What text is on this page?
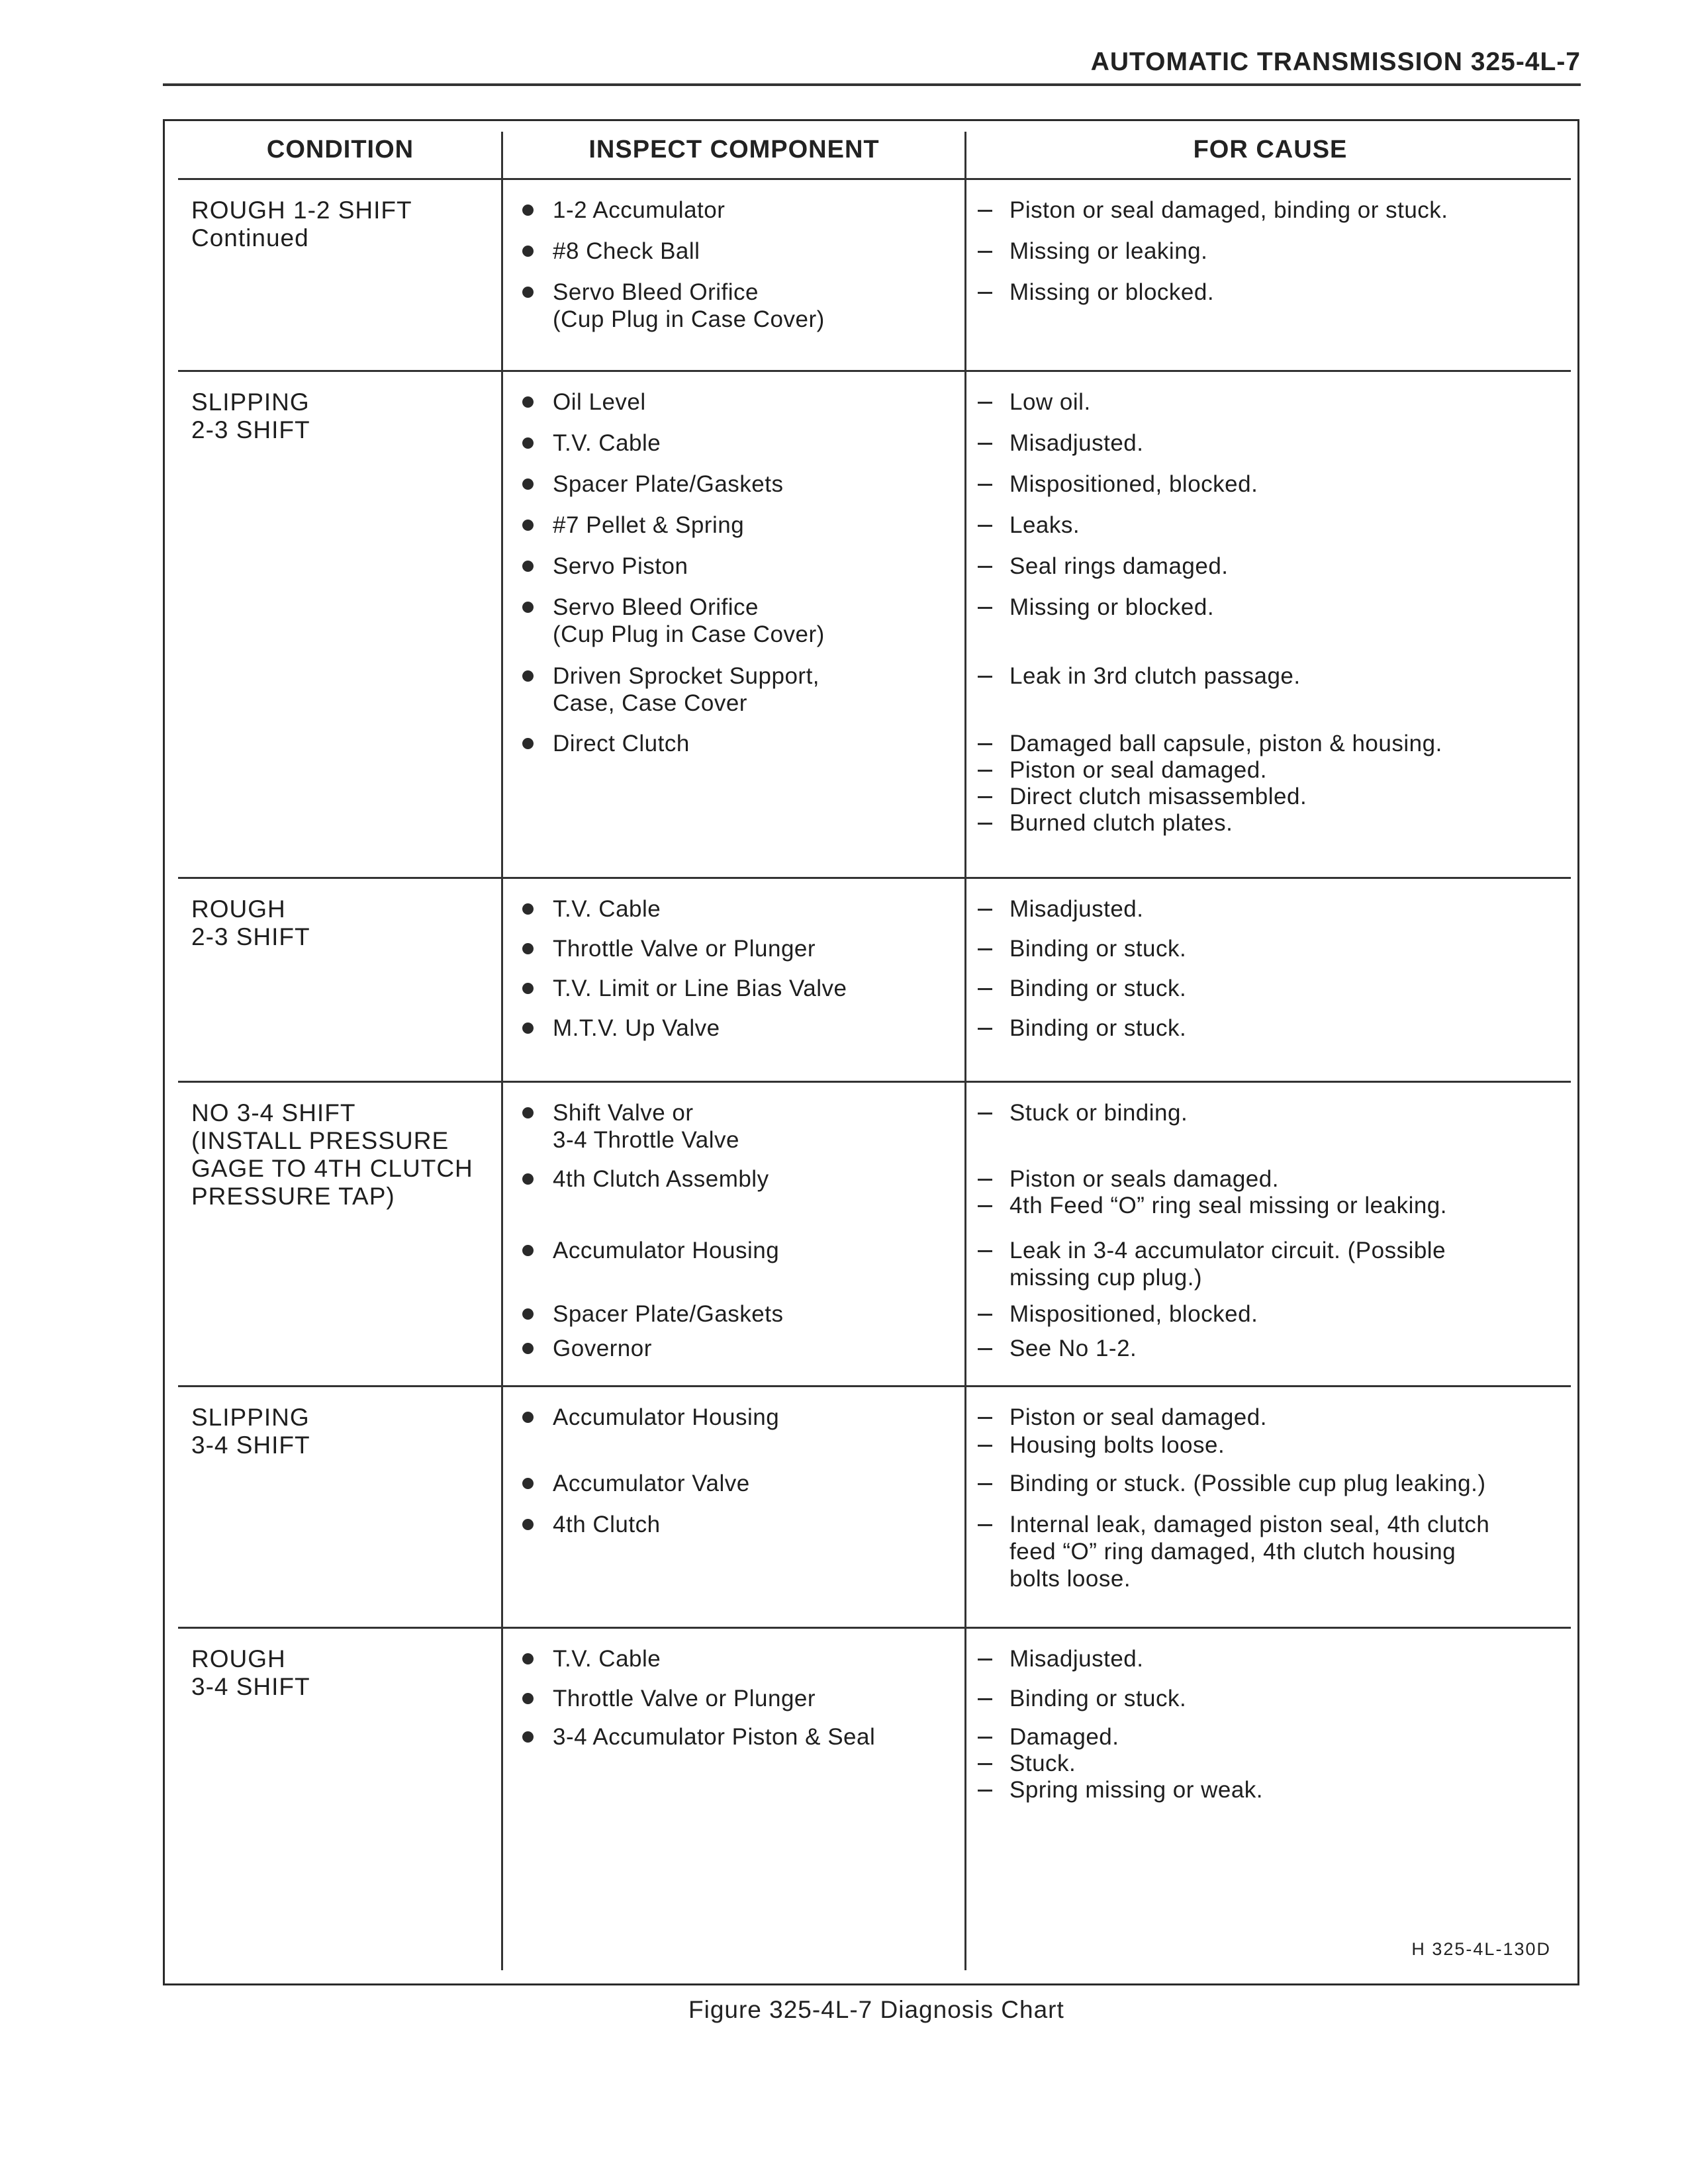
AUTOMATIC TRANSMISSION 325-4L-7
CONDITION	INSPECT COMPONENT	FOR CAUSE
H 325-4L-130D
ROUGH 1-2 SHIFT
Continued
1-2 Accumulator
#8 Check Ball
Servo Bleed Orifice
(Cup Plug in Case Cover)
Piston or seal damaged, binding or stuck.
Missing or leaking.
Missing or blocked.
SLIPPING
2-3 SHIFT
Oil Level
T.V. Cable
Spacer Plate/Gaskets
#7 Pellet & Spring
Servo Piston
Servo Bleed Orifice
(Cup Plug in Case Cover)
Driven Sprocket Support,
Case, Case Cover
Direct Clutch
Low oil.
Misadjusted.
Mispositioned, blocked.
Leaks.
Seal rings damaged.
Missing or blocked.
Leak in 3rd clutch passage.
Damaged ball capsule, piston & housing.
Piston or seal damaged.
Direct clutch misassembled.
Burned clutch plates.
ROUGH
2-3 SHIFT
T.V. Cable
Throttle Valve or Plunger
T.V. Limit or Line Bias Valve
M.T.V. Up Valve
Misadjusted.
Binding or stuck.
Binding or stuck.
Binding or stuck.
NO 3-4 SHIFT
(INSTALL PRESSURE
GAGE TO 4TH CLUTCH
PRESSURE TAP)
Shift Valve or
3-4 Throttle Valve
4th Clutch Assembly
Accumulator Housing
Spacer Plate/Gaskets
Governor
Stuck or binding.
Piston or seals damaged.
4th Feed “O” ring seal missing or leaking.
Leak in 3-4 accumulator circuit. (Possible
missing cup plug.)
Mispositioned, blocked.
See No 1-2.
SLIPPING
3-4 SHIFT
Accumulator Housing
Accumulator Valve
4th Clutch
Piston or seal damaged.
Housing bolts loose.
Binding or stuck. (Possible cup plug leaking.)
Internal leak, damaged piston seal, 4th clutch
feed “O” ring damaged, 4th clutch housing
bolts loose.
ROUGH
3-4 SHIFT
T.V. Cable
Throttle Valve or Plunger
3-4 Accumulator Piston & Seal
Misadjusted.
Binding or stuck.
Damaged.
Stuck.
Spring missing or weak.
Figure 325-4L-7 Diagnosis Chart
